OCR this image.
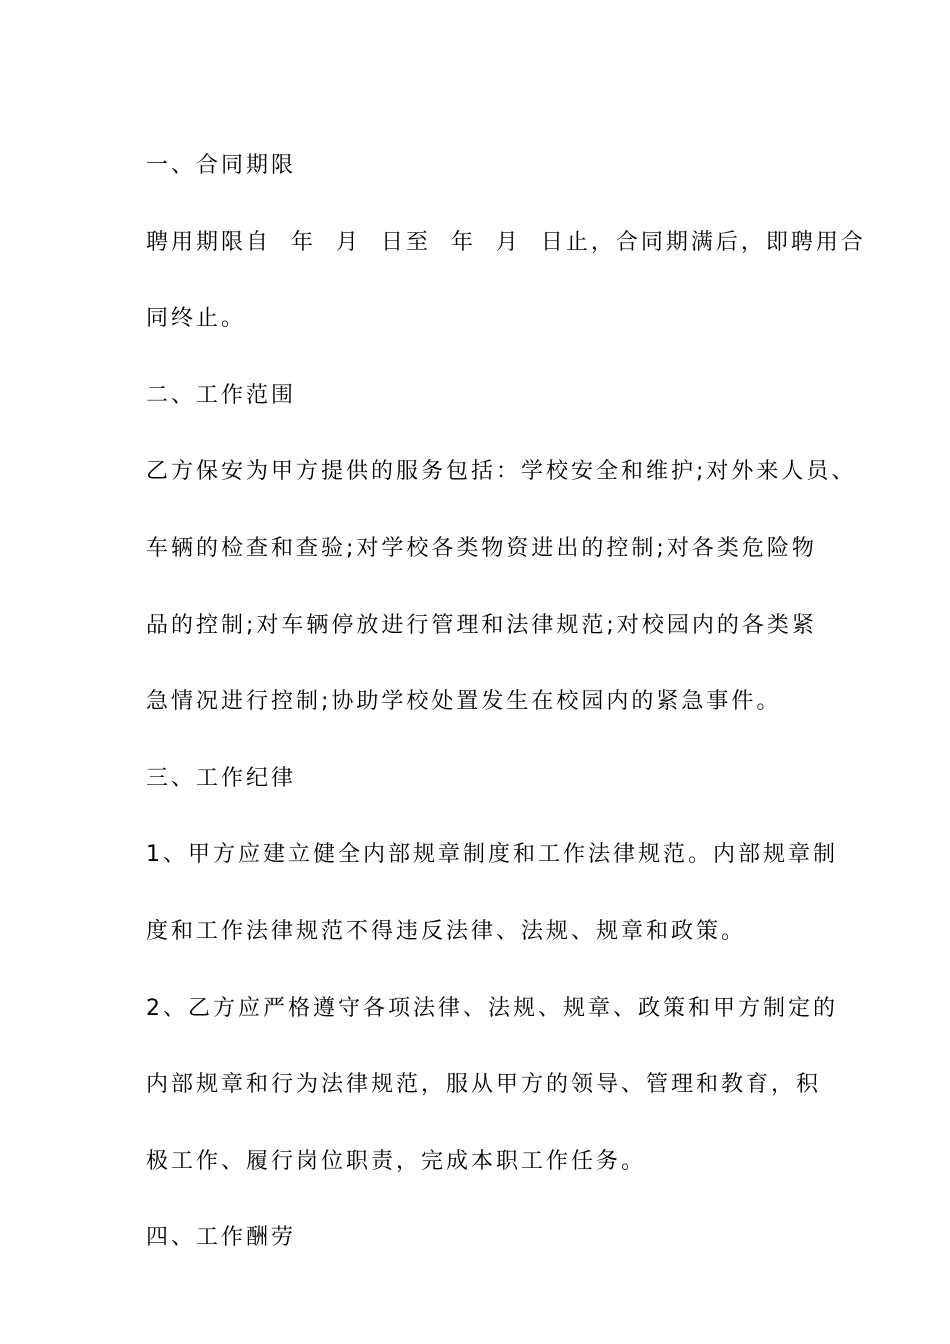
一、合同期限
聘用期限自  年  月  日至  年  月  日止，合同期满后，即聘用合
同终止。
二、工作范围
乙方保安为甲方提供的服务包括：学校安全和维护;对外来人员、
车辆的检查和查验;对学校各类物资进出的控制;对各类危险物
品的控制;对车辆停放进行管理和法律规范;对校园内的各类紧
急情况进行控制;协助学校处置发生在校园内的紧急事件。
三、工作纪律
1、甲方应建立健全内部规章制度和工作法律规范。内部规章制
度和工作法律规范不得违反法律、法规、规章和政策。
2、乙方应严格遵守各项法律、法规、规章、政策和甲方制定的
内部规章和行为法律规范，服从甲方的领导、管理和教育，积
极工作、履行岗位职责，完成本职工作任务。
四、工作酬劳
